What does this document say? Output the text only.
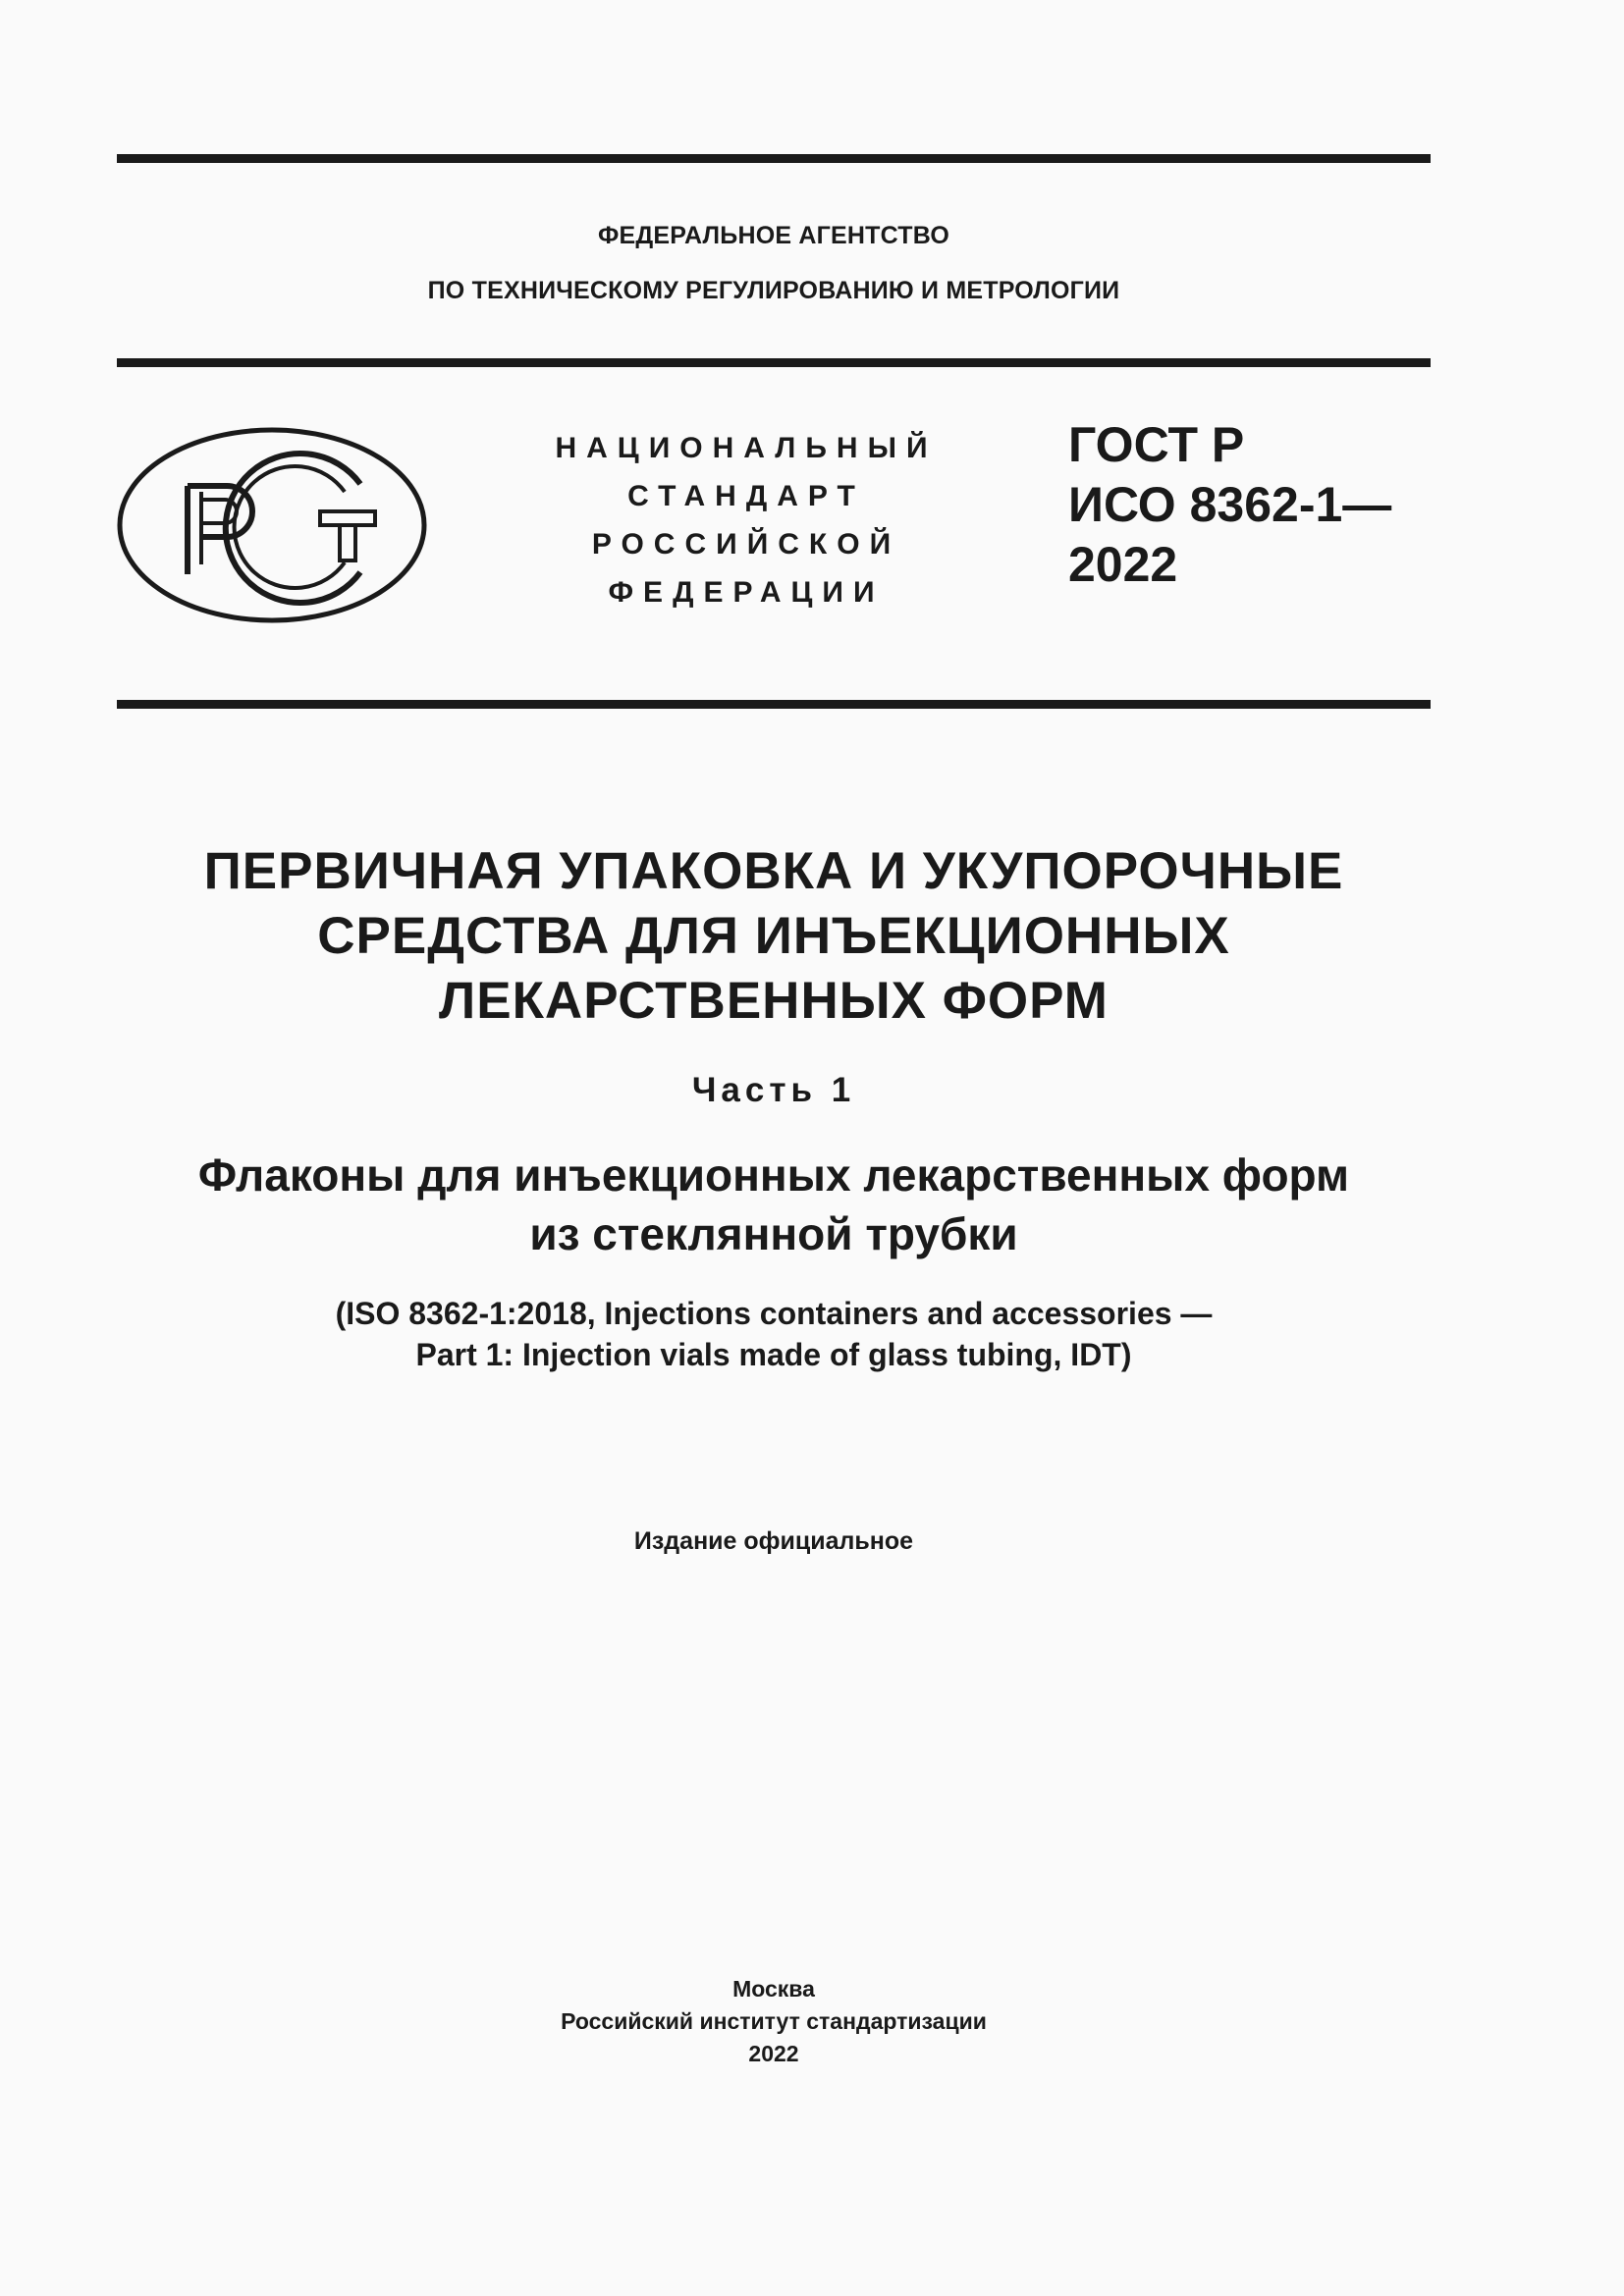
ФЕДЕРАЛЬНОЕ АГЕНТСТВО
ПО ТЕХНИЧЕСКОМУ РЕГУЛИРОВАНИЮ И МЕТРОЛОГИИ
НАЦИОНАЛЬНЫЙ
СТАНДАРТ
РОССИЙСКОЙ
ФЕДЕРАЦИИ
ГОСТ Р
ИСО 8362-1—
2022
ПЕРВИЧНАЯ УПАКОВКА И УКУПОРОЧНЫЕ
СРЕДСТВА ДЛЯ ИНЪЕКЦИОННЫХ
ЛЕКАРСТВЕННЫХ ФОРМ
Часть 1
Флаконы для инъекционных лекарственных форм
из стеклянной трубки
(ISO 8362-1:2018, Injections containers and accessories —
Part 1: Injection vials made of glass tubing, IDT)
Издание официальное
Москва
Российский институт стандартизации
2022
